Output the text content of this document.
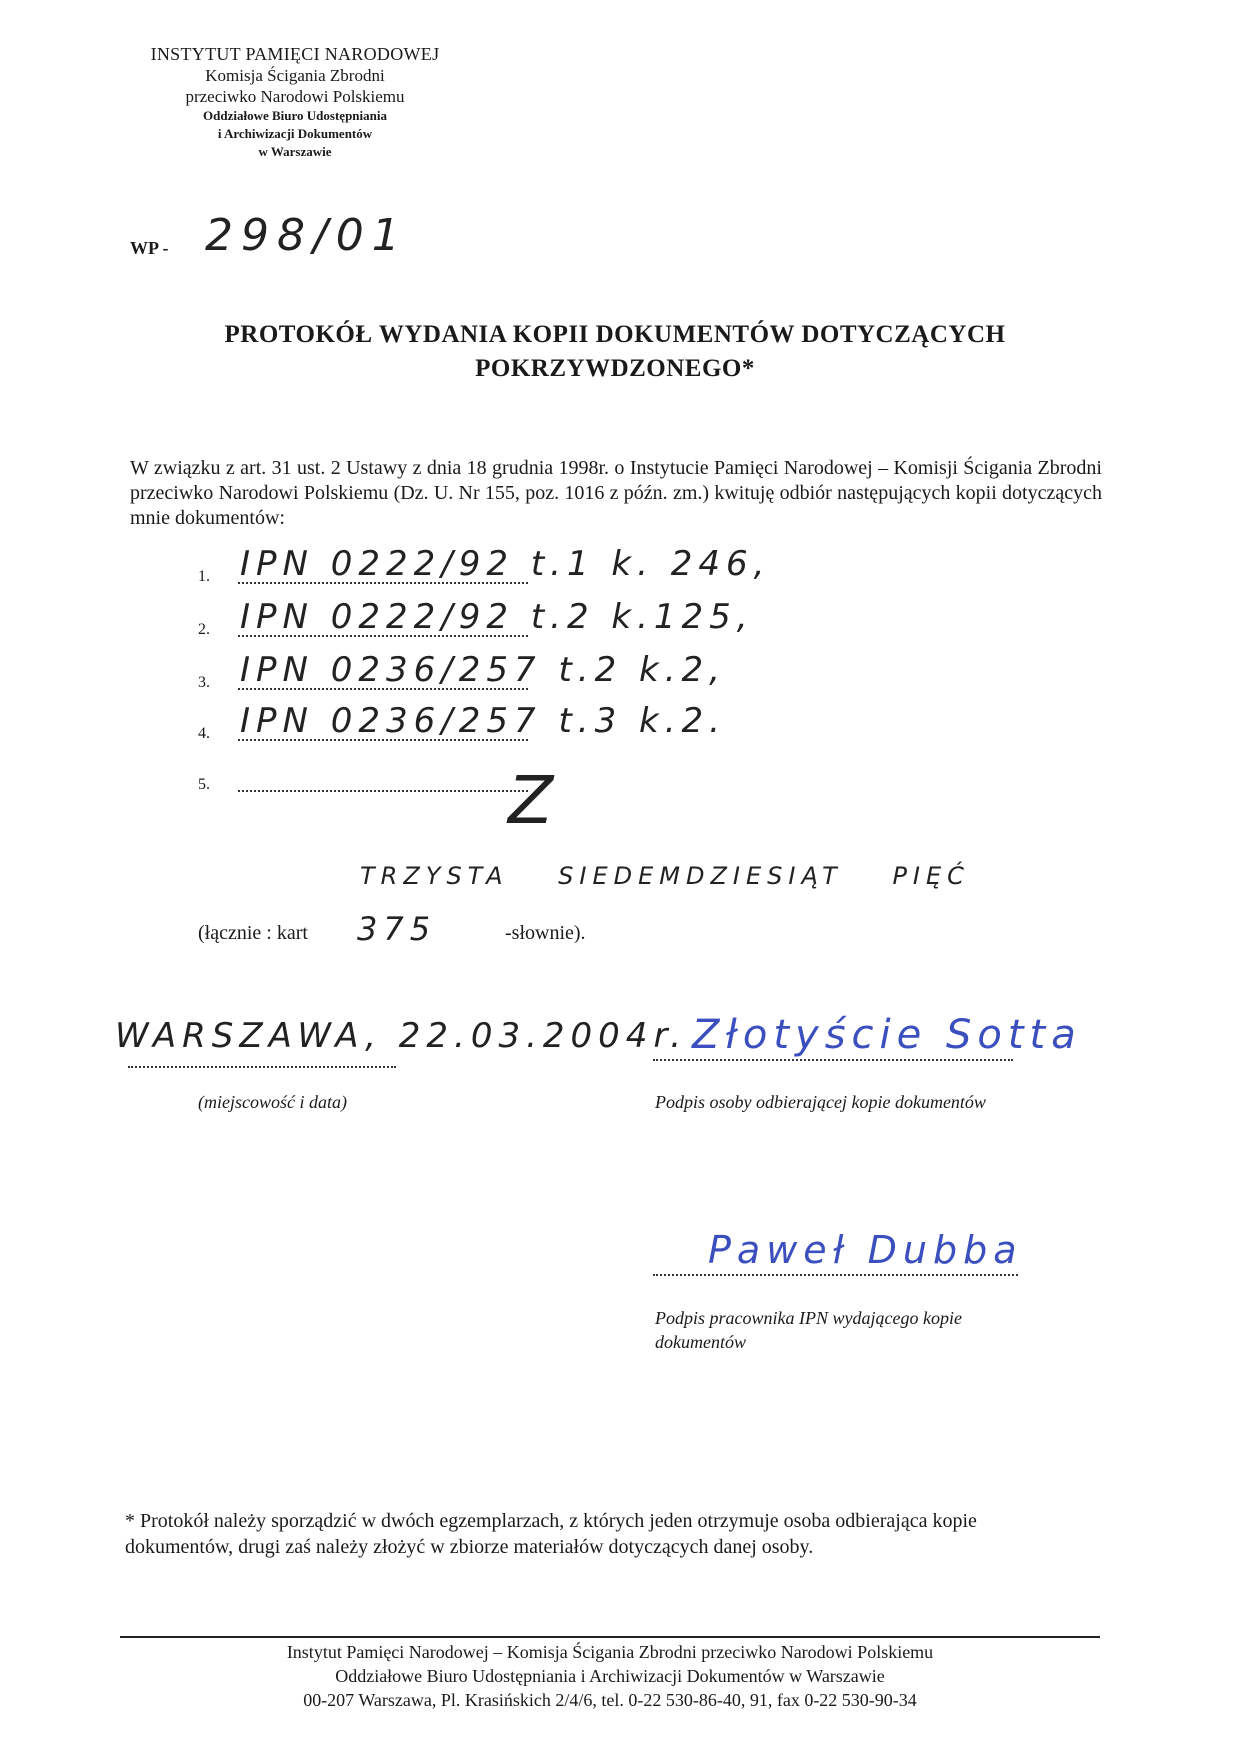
INSTYTUT PAMIĘCI NARODOWEJ
Komisja Ścigania Zbrodni
przeciwko Narodowi Polskiemu
Oddziałowe Biuro Udostępniania
i Archiwizacji Dokumentów
w Warszawie
WP - 298/01
PROTOKÓŁ WYDANIA KOPII DOKUMENTÓW DOTYCZĄCYCH
POKRZYWDZONEGO*
W związku z art. 31 ust. 2 Ustawy z dnia 18 grudnia 1998r. o Instytucie Pamięci Narodowej – Komisji Ścigania Zbrodni przeciwko Narodowi Polskiemu (Dz. U. Nr 155, poz. 1016 z późn. zm.) kwituję odbiór następujących kopii dotyczących mnie dokumentów:
1. IPN 0222/92 t.1 k. 246,
2. IPN 0222/92 t.2 k.125,
3. IPN 0236/257 t.2 k.2,
4. IPN 0236/257 t.3 k.2.
5.	Z
TRZYSTA SIEDEMDZIESIĄT PIĘĆ
(łącznie : kart 375	-słownie).
WARSZAWA, 22.03.2004r.
(miejscowość i data)
Złotyście Sotta
Podpis osoby odbierającej kopie dokumentów
Paweł Dubba
Podpis pracownika IPN wydającego kopie dokumentów
* Protokół należy sporządzić w dwóch egzemplarzach, z których jeden otrzymuje osoba odbierająca kopie dokumentów, drugi zaś należy złożyć w zbiorze materiałów dotyczących danej osoby.
Instytut Pamięci Narodowej – Komisja Ścigania Zbrodni przeciwko Narodowi Polskiemu
Oddziałowe Biuro Udostępniania i Archiwizacji Dokumentów w Warszawie
00-207 Warszawa, Pl. Krasińskich 2/4/6, tel. 0-22 530-86-40, 91, fax 0-22 530-90-34
